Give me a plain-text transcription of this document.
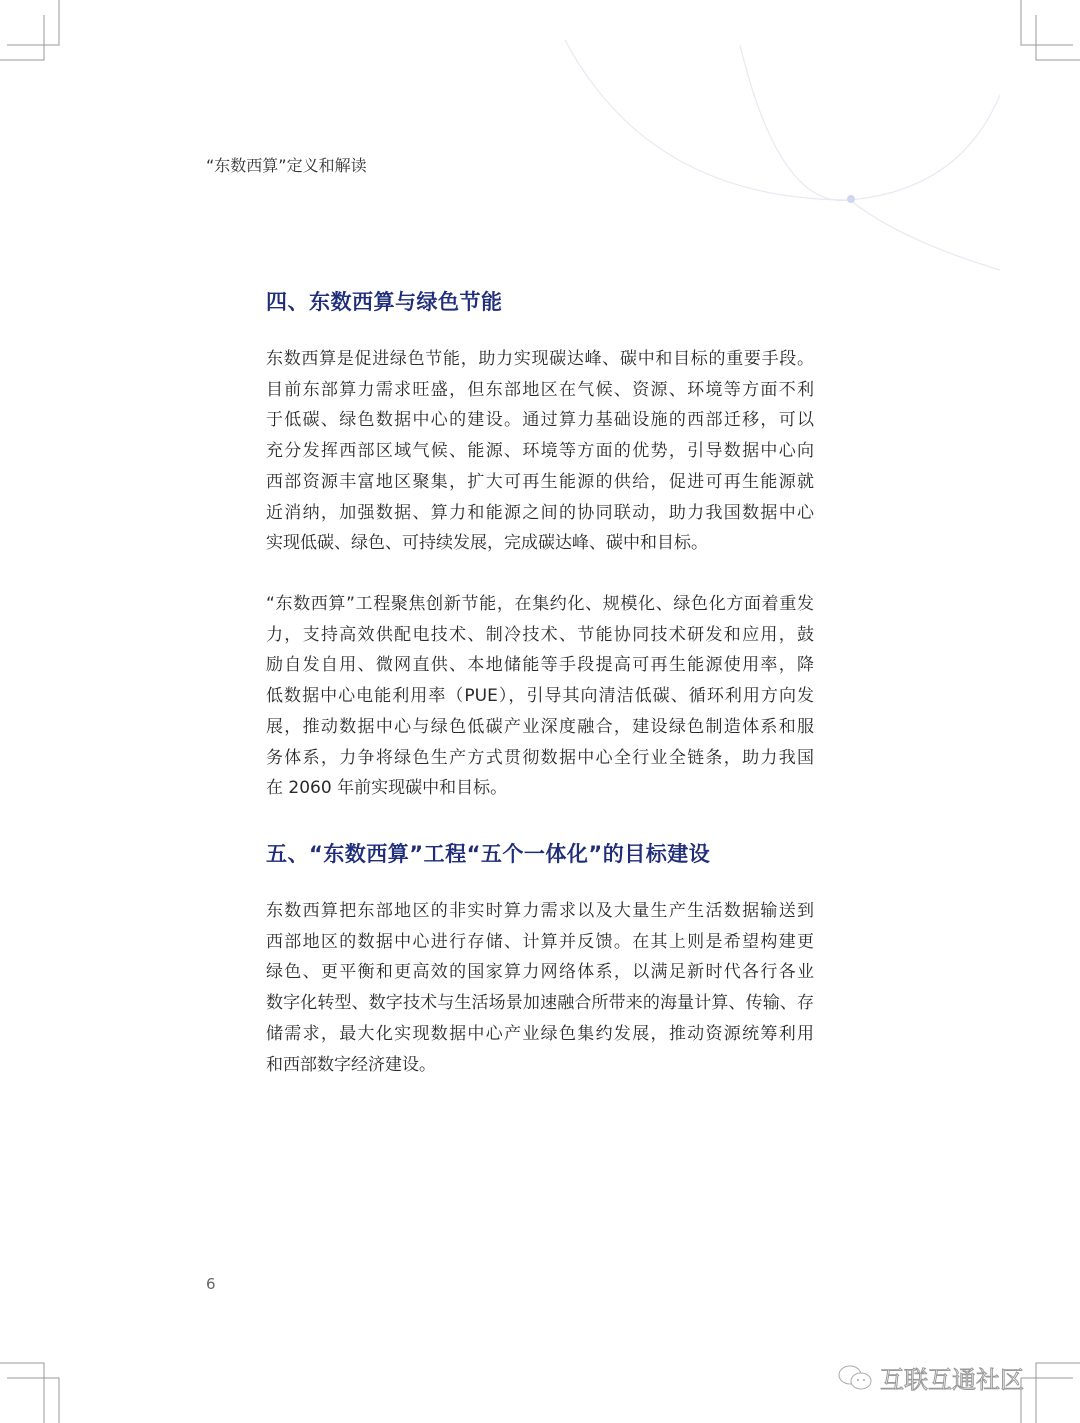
“东数西算”定义和解读
四、东数西算与绿色节能
东数西算是促进绿色节能，助力实现碳达峰、碳中和目标的重要手段。
目前东部算力需求旺盛，但东部地区在气候、资源、环境等方面不利
于低碳、绿色数据中心的建设。通过算力基础设施的西部迁移，可以
充分发挥西部区域气候、能源、环境等方面的优势，引导数据中心向
西部资源丰富地区聚集，扩大可再生能源的供给，促进可再生能源就
近消纳，加强数据、算力和能源之间的协同联动，助力我国数据中心
实现低碳、绿色、可持续发展，完成碳达峰、碳中和目标。
“东数西算”工程聚焦创新节能，在集约化、规模化、绿色化方面着重发
力，支持高效供配电技术、制冷技术、节能协同技术研发和应用，鼓
励自发自用、微网直供、本地储能等手段提高可再生能源使用率，降
低数据中心电能利用率（PUE），引导其向清洁低碳、循环利用方向发
展，推动数据中心与绿色低碳产业深度融合，建设绿色制造体系和服
务体系，力争将绿色生产方式贯彻数据中心全行业全链条，助力我国
在 2060 年前实现碳中和目标。
五、“东数西算”工程“五个一体化”的目标建设
东数西算把东部地区的非实时算力需求以及大量生产生活数据输送到
西部地区的数据中心进行存储、计算并反馈。在其上则是希望构建更
绿色、更平衡和更高效的国家算力网络体系，以满足新时代各行各业
数字化转型、数字技术与生活场景加速融合所带来的海量计算、传输、存
储需求，最大化实现数据中心产业绿色集约发展，推动资源统筹利用
和西部数字经济建设。
6
互联互通社区
